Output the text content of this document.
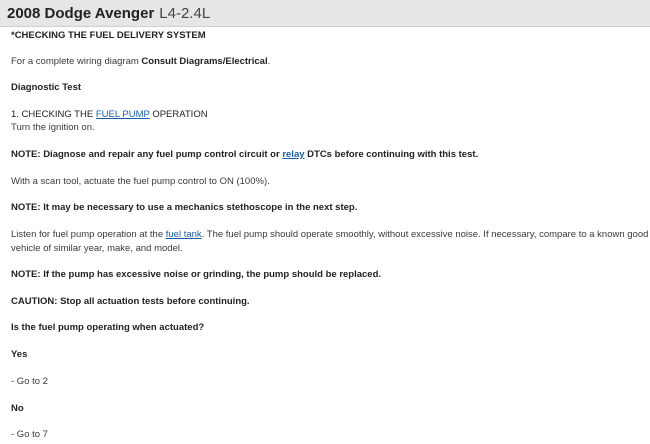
2008 Dodge Avenger L4-2.4L

*CHECKING THE FUEL DELIVERY SYSTEM

For a complete wiring diagram Consult Diagrams/Electrical.

Diagnostic Test

1. CHECKING THE FUEL PUMP OPERATION

Turn the ignition on.

NOTE: Diagnose and repair any fuel pump control circuit or relay DTCs before continuing with this test.

With a scan tool, actuate the fuel pump control to ON (100%).

NOTE: It may be necessary to use a mechanics stethoscope in the next step.

Listen for fuel pump operation at the fuel tank. The fuel pump should operate smoothly, without excessive noise. If necessary, compare to a known good vehicle of similar year, make, and model.

NOTE: If the pump has excessive noise or grinding, the pump should be replaced.

CAUTION: Stop all actuation tests before continuing.

Is the fuel pump operating when actuated?

Yes

- Go to 2

No

- Go to 7
